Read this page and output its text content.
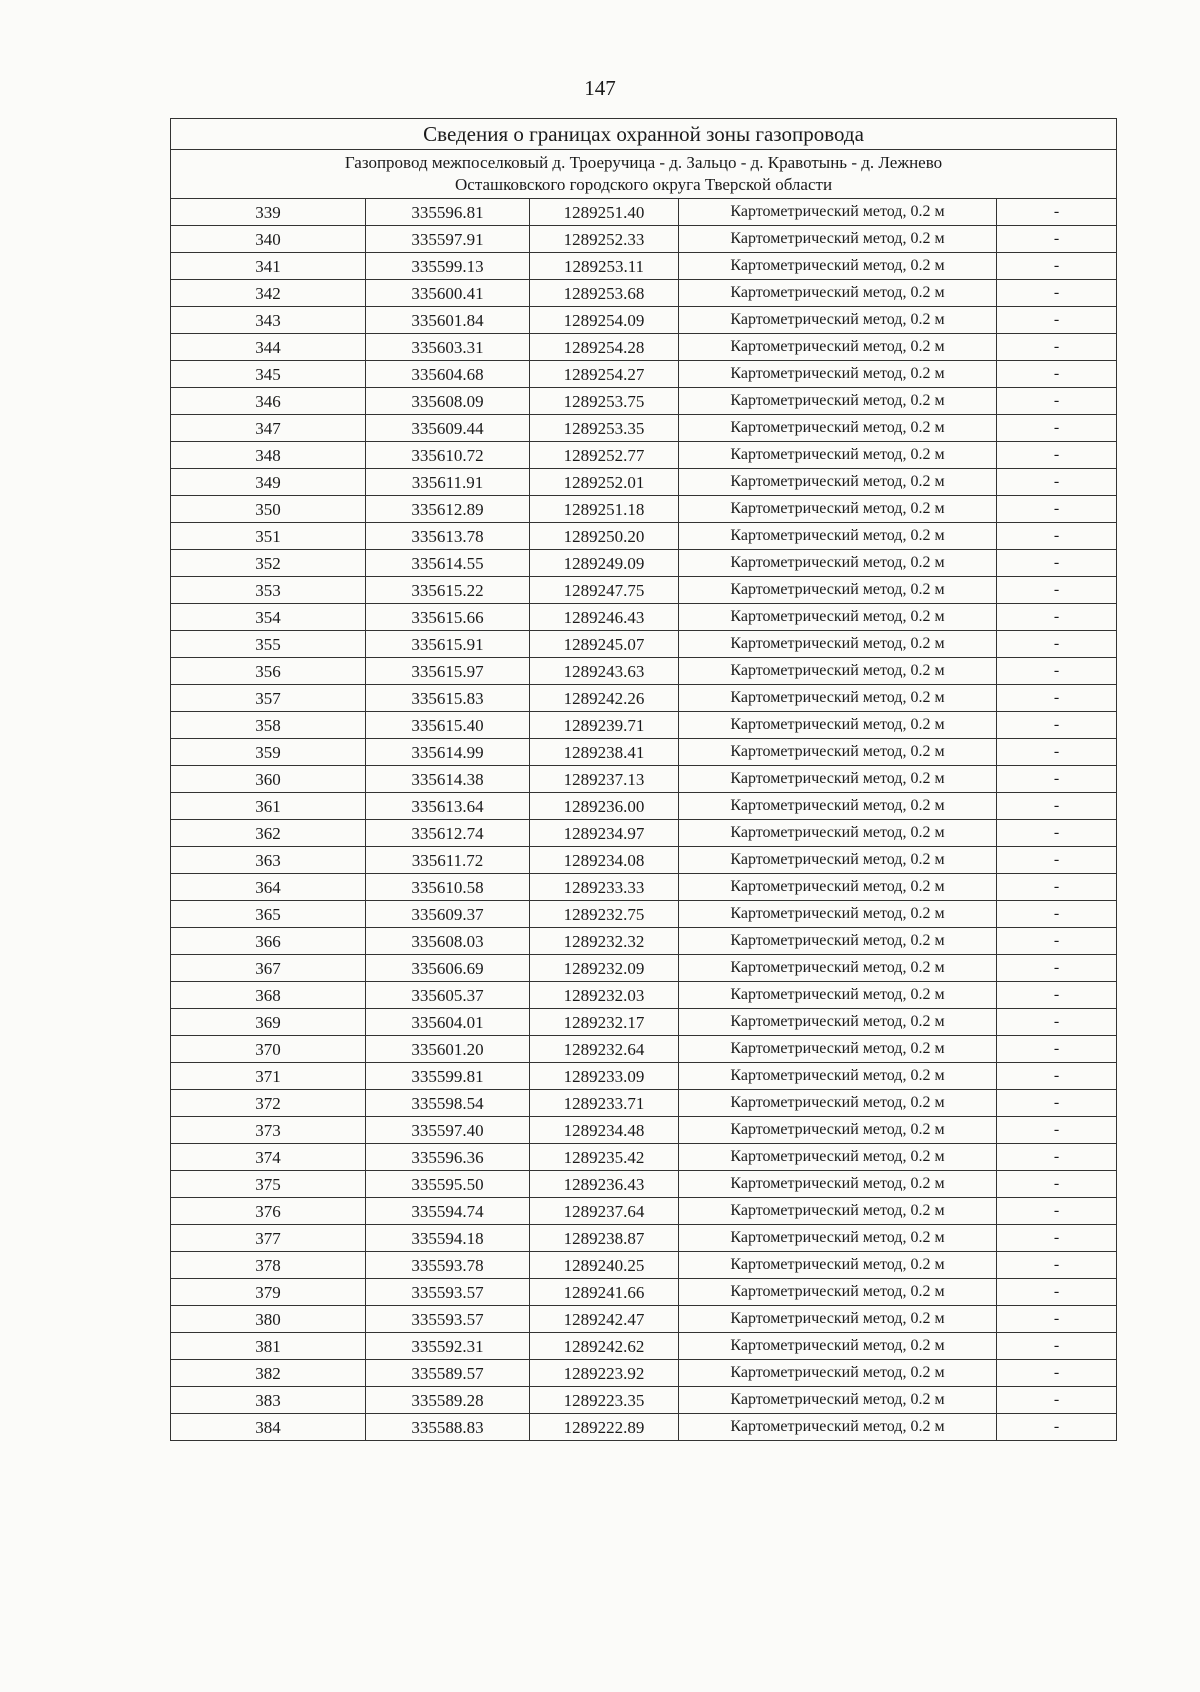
147
Сведения о границах охранной зоны газопровода				

Газопровод межпоселковый д. Троеручица - д. Зальцо - д. Кравотынь - д. Лежнево
Осташковского городского округа Тверской области				

339	335596.81	1289251.40	Картометрический метод, 0.2 м	-
340	335597.91	1289252.33	Картометрический метод, 0.2 м	-
341	335599.13	1289253.11	Картометрический метод, 0.2 м	-
342	335600.41	1289253.68	Картометрический метод, 0.2 м	-
343	335601.84	1289254.09	Картометрический метод, 0.2 м	-
344	335603.31	1289254.28	Картометрический метод, 0.2 м	-
345	335604.68	1289254.27	Картометрический метод, 0.2 м	-
346	335608.09	1289253.75	Картометрический метод, 0.2 м	-
347	335609.44	1289253.35	Картометрический метод, 0.2 м	-
348	335610.72	1289252.77	Картометрический метод, 0.2 м	-
349	335611.91	1289252.01	Картометрический метод, 0.2 м	-
350	335612.89	1289251.18	Картометрический метод, 0.2 м	-
351	335613.78	1289250.20	Картометрический метод, 0.2 м	-
352	335614.55	1289249.09	Картометрический метод, 0.2 м	-
353	335615.22	1289247.75	Картометрический метод, 0.2 м	-
354	335615.66	1289246.43	Картометрический метод, 0.2 м	-
355	335615.91	1289245.07	Картометрический метод, 0.2 м	-
356	335615.97	1289243.63	Картометрический метод, 0.2 м	-
357	335615.83	1289242.26	Картометрический метод, 0.2 м	-
358	335615.40	1289239.71	Картометрический метод, 0.2 м	-
359	335614.99	1289238.41	Картометрический метод, 0.2 м	-
360	335614.38	1289237.13	Картометрический метод, 0.2 м	-
361	335613.64	1289236.00	Картометрический метод, 0.2 м	-
362	335612.74	1289234.97	Картометрический метод, 0.2 м	-
363	335611.72	1289234.08	Картометрический метод, 0.2 м	-
364	335610.58	1289233.33	Картометрический метод, 0.2 м	-
365	335609.37	1289232.75	Картометрический метод, 0.2 м	-
366	335608.03	1289232.32	Картометрический метод, 0.2 м	-
367	335606.69	1289232.09	Картометрический метод, 0.2 м	-
368	335605.37	1289232.03	Картометрический метод, 0.2 м	-
369	335604.01	1289232.17	Картометрический метод, 0.2 м	-
370	335601.20	1289232.64	Картометрический метод, 0.2 м	-
371	335599.81	1289233.09	Картометрический метод, 0.2 м	-
372	335598.54	1289233.71	Картометрический метод, 0.2 м	-
373	335597.40	1289234.48	Картометрический метод, 0.2 м	-
374	335596.36	1289235.42	Картометрический метод, 0.2 м	-
375	335595.50	1289236.43	Картометрический метод, 0.2 м	-
376	335594.74	1289237.64	Картометрический метод, 0.2 м	-
377	335594.18	1289238.87	Картометрический метод, 0.2 м	-
378	335593.78	1289240.25	Картометрический метод, 0.2 м	-
379	335593.57	1289241.66	Картометрический метод, 0.2 м	-
380	335593.57	1289242.47	Картометрический метод, 0.2 м	-
381	335592.31	1289242.62	Картометрический метод, 0.2 м	-
382	335589.57	1289223.92	Картометрический метод, 0.2 м	-
383	335589.28	1289223.35	Картометрический метод, 0.2 м	-
384	335588.83	1289222.89	Картометрический метод, 0.2 м	-
